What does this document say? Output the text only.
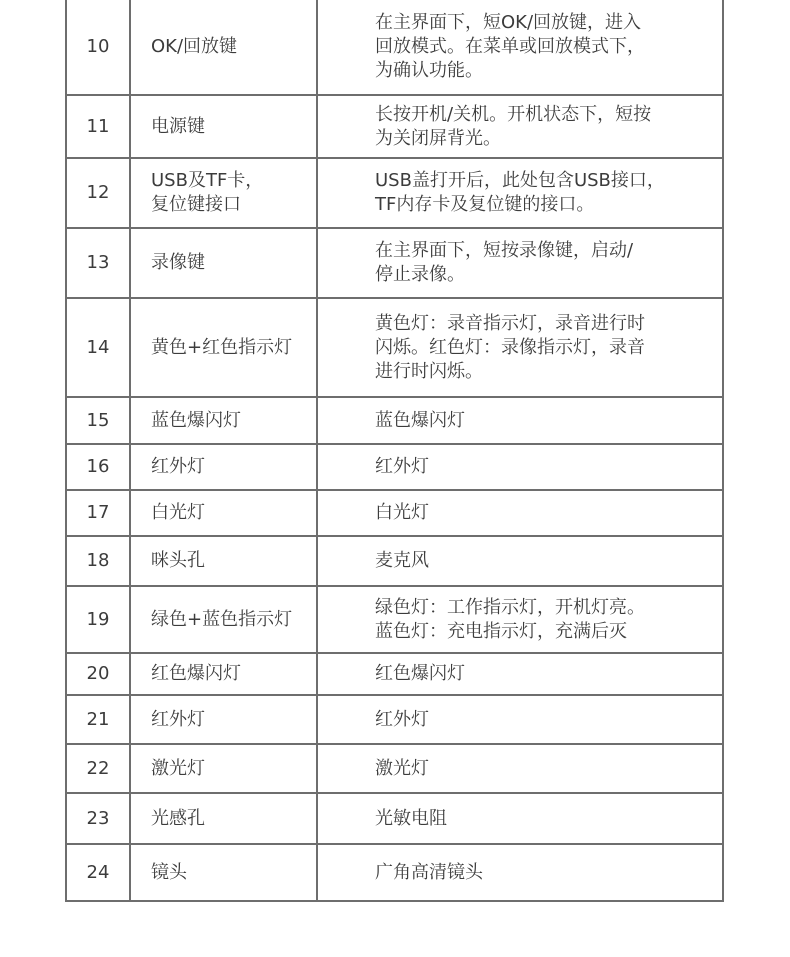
10	OK/回放键	在主界面下，短OK/回放键，进入
回放模式。在菜单或回放模式下，
为确认功能。
11	电源键	长按开机/关机。开机状态下，短按
为关闭屏背光。
12	USB及TF卡，
复位键接口	USB盖打开后，此处包含USB接口，
TF内存卡及复位键的接口。
13	录像键	在主界面下，短按录像键，启动/
停止录像。
14	黄色+红色指示灯	黄色灯：录音指示灯，录音进行时
闪烁。红色灯：录像指示灯，录音
进行时闪烁。
15	蓝色爆闪灯	蓝色爆闪灯
16	红外灯	红外灯
17	白光灯	白光灯
18	咪头孔	麦克风
19	绿色+蓝色指示灯	绿色灯：工作指示灯，开机灯亮。
蓝色灯：充电指示灯，充满后灭
20	红色爆闪灯	红色爆闪灯
21	红外灯	红外灯
22	激光灯	激光灯
23	光感孔	光敏电阻
24	镜头	广角高清镜头
